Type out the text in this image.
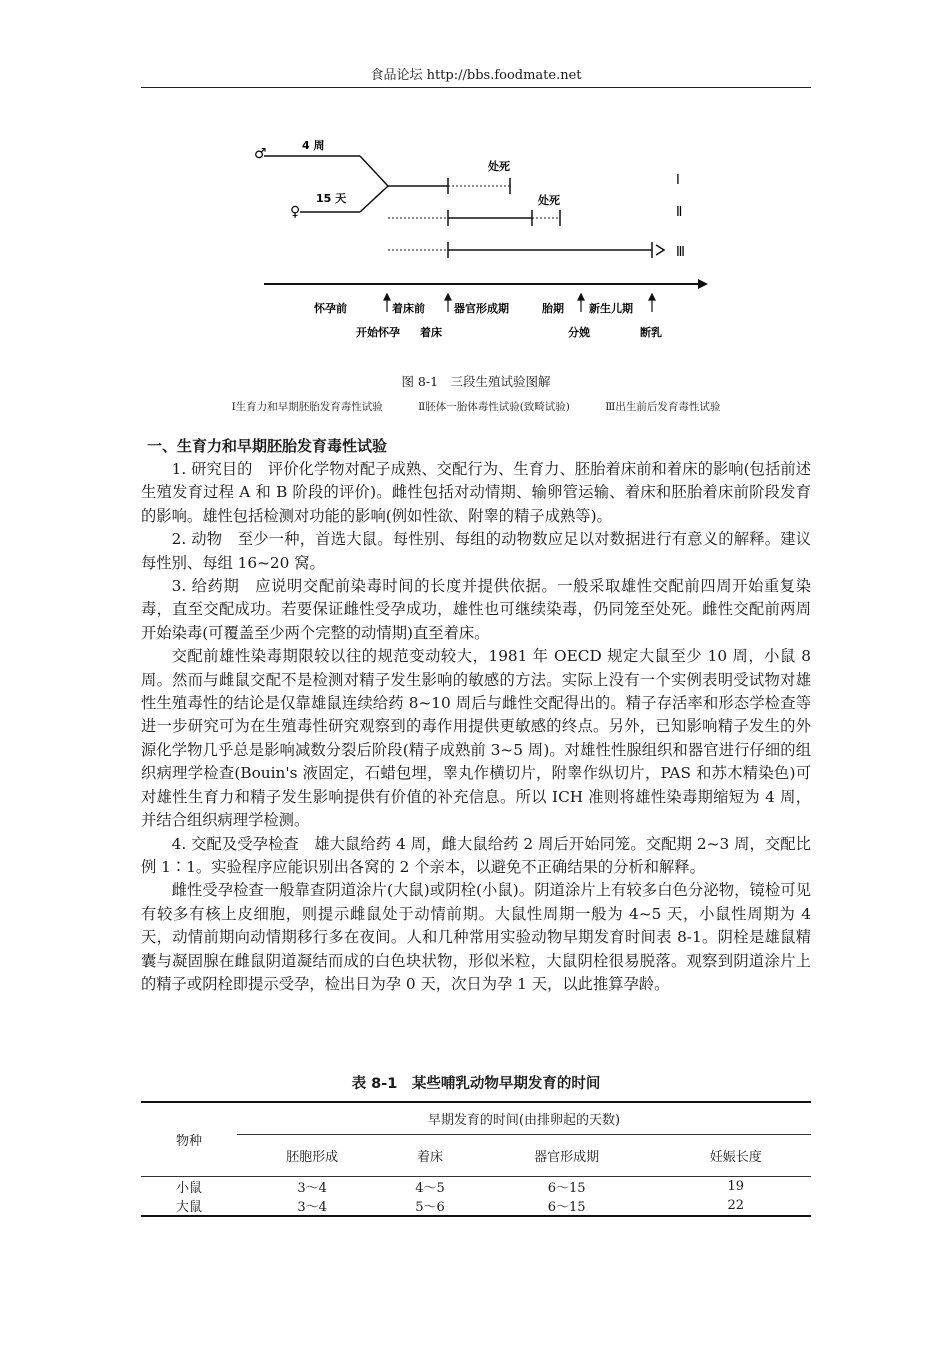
食品论坛 http://bbs.foodmate.net
♂
4 周
♀
15 天
处死
Ⅰ
处死
Ⅱ
Ⅲ
怀孕前	着床前	器官形成期	胎期 新生儿期
开始怀孕 着床	分娩	断乳
图 8-1　三段生殖试验图解
Ⅰ生育力和早期胚胎发育毒性试验	Ⅱ胚体一胎体毒性试验(致畸试验)	Ⅲ出生前后发育毒性试验
一、生育力和早期胚胎发育毒性试验

1. 研究目的　评价化学物对配子成熟、交配行为、生育力、胚胎着床前和着床的影响(包括前述生殖发育过程 A 和 B 阶段的评价)。雌性包括对动情期、输卵管运输、着床和胚胎着床前阶段发育的影响。雄性包括检测对功能的影响(例如性欲、附睾的精子成熟等)。

2. 动物　至少一种，首选大鼠。每性别、每组的动物数应足以对数据进行有意义的解释。建议每性别、每组 16~20 窝。

3. 给药期　应说明交配前染毒时间的长度并提供依据。一般采取雄性交配前四周开始重复染毒，直至交配成功。若要保证雌性受孕成功，雄性也可继续染毒，仍同笼至处死。雌性交配前两周开始染毒(可覆盖至少两个完整的动情期)直至着床。

交配前雄性染毒期限较以往的规范变动较大，1981 年 OECD 规定大鼠至少 10 周，小鼠 8 周。然而与雌鼠交配不是检测对精子发生影响的敏感的方法。实际上没有一个实例表明受试物对雄性生殖毒性的结论是仅靠雄鼠连续给药 8~10 周后与雌性交配得出的。精子存活率和形态学检查等进一步研究可为在生殖毒性研究观察到的毒作用提供更敏感的终点。另外，已知影响精子发生的外源化学物几乎总是影响减数分裂后阶段(精子成熟前 3~5 周)。对雄性性腺组织和器官进行仔细的组织病理学检查(Bouin's 液固定，石蜡包埋，睾丸作横切片，附睾作纵切片，PAS 和苏木精染色)可对雄性生育力和精子发生影响提供有价值的补充信息。所以 ICH 准则将雄性染毒期缩短为 4 周，并结合组织病理学检测。

4. 交配及受孕检查　雄大鼠给药 4 周，雌大鼠给药 2 周后开始同笼。交配期 2~3 周，交配比例 1∶1。实验程序应能识别出各窝的 2 个亲本，以避免不正确结果的分析和解释。

雌性受孕检查一般靠查阴道涂片(大鼠)或阴栓(小鼠)。阴道涂片上有较多白色分泌物，镜检可见有较多有核上皮细胞，则提示雌鼠处于动情前期。大鼠性周期一般为 4~5 天，小鼠性周期为 4 天，动情前期向动情期移行多在夜间。人和几种常用实验动物早期发育时间表 8-1。阴栓是雄鼠精囊与凝固腺在雌鼠阴道凝结而成的白色块状物，形似米粒，大鼠阴栓很易脱落。观察到阴道涂片上的精子或阴栓即提示受孕，检出日为孕 0 天，次日为孕 1 天，以此推算孕龄。

表 8-1　某些哺乳动物早期发育的时间
物种	早期发育的时间(由排卵起的天数)			
	胚胞形成	着床	器官形成期	妊娠长度
小鼠	3～4	4～5	6～15	19
大鼠	3～4	5～6	6～15	22
